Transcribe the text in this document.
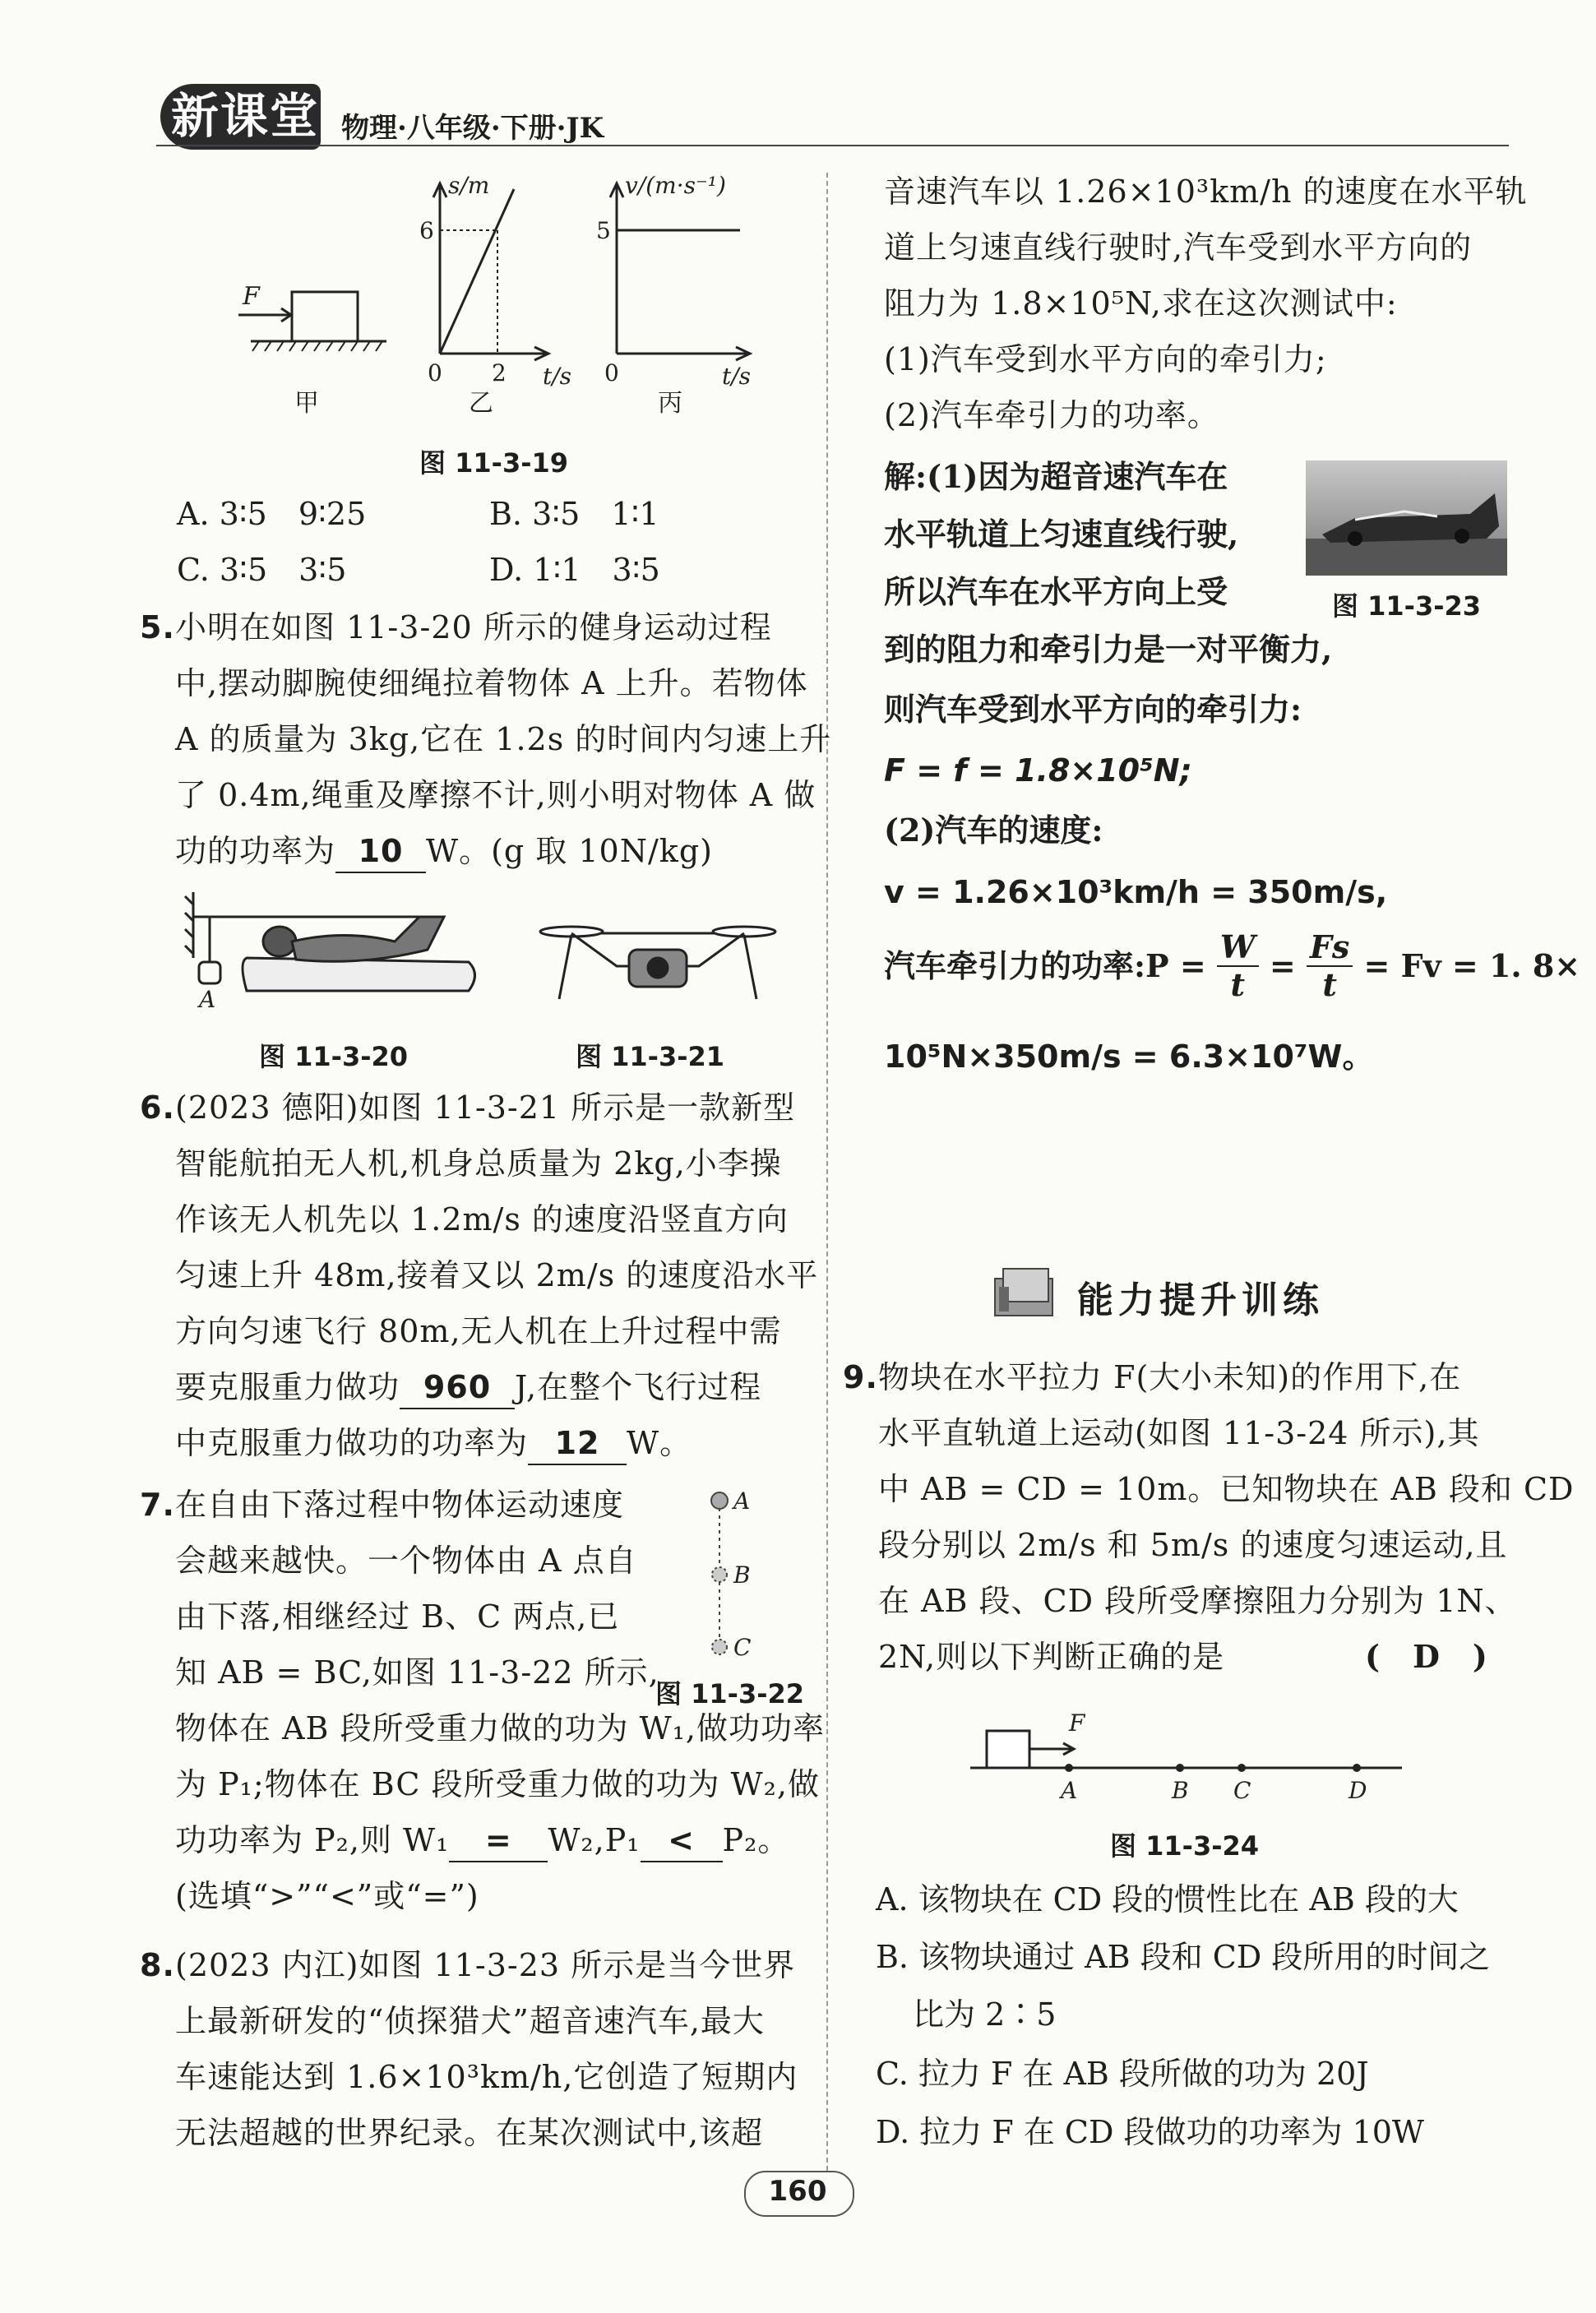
新课堂 物理·八年级·下册·JK
F
s/m
6
0 2 t/s
v/(m·s⁻¹)
5
0	t/s
甲	乙	丙
图 11-3-19
A. 3∶5　9∶25	B. 3∶5　1∶1
C. 3∶5　3∶5	D. 1∶1　3∶5
5. 小明在如图 11-3-20 所示的健身运动过程
中,摆动脚腕使细绳拉着物体 A 上升。若物体
A 的质量为 3kg,它在 1.2s 的时间内匀速上升
了 0.4m,绳重及摩擦不计,则小明对物体 A 做
功的功率为 10 W。(g 取 10N/kg)
A
图 11-3-20	图 11-3-21
6. (2023 德阳)如图 11-3-21 所示是一款新型
智能航拍无人机,机身总质量为 2kg,小李操
作该无人机先以 1.2m/s 的速度沿竖直方向
匀速上升 48m,接着又以 2m/s 的速度沿水平
方向匀速飞行 80m,无人机在上升过程中需
要克服重力做功 960 J,在整个飞行过程
中克服重力做功的功率为 12 W。
7. 在自由下落过程中物体运动速度
会越来越快。一个物体由 A 点自
由下落,相继经过 B、C 两点,已
知 AB = BC,如图 11-3-22 所示,
物体在 AB 段所受重力做的功为 W₁,做功功率
为 P₁;物体在 BC 段所受重力做的功为 W₂,做
功功率为 P₂,则 W₁ = W₂,P₁ < P₂。
(选填“>”“<”或“=”)
A
B
C
图 11-3-22
8. (2023 内江)如图 11-3-23 所示是当今世界
上最新研发的“侦探猎犬”超音速汽车,最大
车速能达到 1.6×10³km/h,它创造了短期内
无法超越的世界纪录。在某次测试中,该超
音速汽车以 1.26×10³km/h 的速度在水平轨
道上匀速直线行驶时,汽车受到水平方向的
阻力为 1.8×10⁵N,求在这次测试中:
(1)汽车受到水平方向的牵引力;
(2)汽车牵引力的功率。
解:(1)因为超音速汽车在
水平轨道上匀速直线行驶,
所以汽车在水平方向上受
到的阻力和牵引力是一对平衡力,
则汽车受到水平方向的牵引力:
F = f = 1.8×10⁵N;
(2)汽车的速度:
v = 1.26×10³km/h = 350m/s,
汽车牵引力的功率:P = $\frac{W}{t} = \frac{Fs}{t} = Fv = 1$. 8×
10⁵N×350m/s = 6.3×10⁷W。
图 11-3-23
能力提升训练
9. 物块在水平拉力 F(大小未知)的作用下,在
水平直轨道上运动(如图 11-3-24 所示),其
中 AB = CD = 10m。已知物块在 AB 段和 CD
段分别以 2m/s 和 5m/s 的速度匀速运动,且
在 AB 段、CD 段所受摩擦阻力分别为 1N、
2N,则以下判断正确的是	(　D　)
F
A	B C	D
图 11-3-24
A. 该物块在 CD 段的惯性比在 AB 段的大
B. 该物块通过 AB 段和 CD 段所用的时间之
比为 2∶5
C. 拉力 F 在 AB 段所做的功为 20J
D. 拉力 F 在 CD 段做功的功率为 10W
160
